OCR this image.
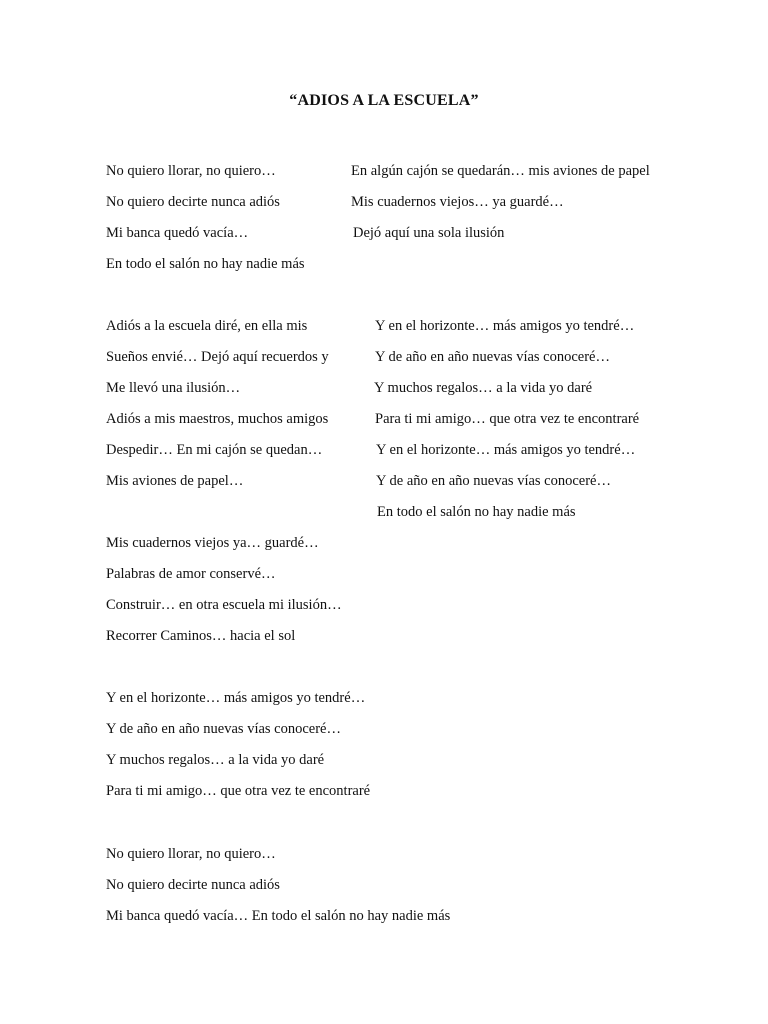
“ADIOS A LA ESCUELA”
No quiero llorar, no quiero…
No quiero decirte nunca adiós
Mi banca quedó vacía…
En todo el salón no hay nadie más
En algún cajón se quedarán… mis aviones de papel
Mis cuadernos viejos… ya guardé…
Dejó aquí una sola ilusión
Adiós a la escuela diré, en ella mis
Sueños envié… Dejó aquí recuerdos y
Me llevó una ilusión…
Adiós a mis maestros, muchos amigos
Despedir… En mi cajón se quedan…
Mis aviones de papel…
Y en el horizonte… más amigos yo tendré…
Y de año en año nuevas vías conoceré…
Y muchos regalos… a la vida yo daré
Para ti mi amigo… que otra vez te encontraré
Y en el horizonte… más amigos yo tendré…
Y de año en año nuevas vías conoceré…
En todo el salón no hay nadie más
Mis cuadernos viejos ya… guardé…
Palabras de amor conservé…
Construir… en otra escuela mi ilusión…
Recorrer Caminos… hacia el sol
Y en el horizonte… más amigos yo tendré…
Y de año en año nuevas vías conoceré…
Y muchos regalos… a la vida yo daré
Para ti mi amigo… que otra vez te encontraré
No quiero llorar, no quiero…
No quiero decirte nunca adiós
Mi banca quedó vacía… En todo el salón no hay nadie más
